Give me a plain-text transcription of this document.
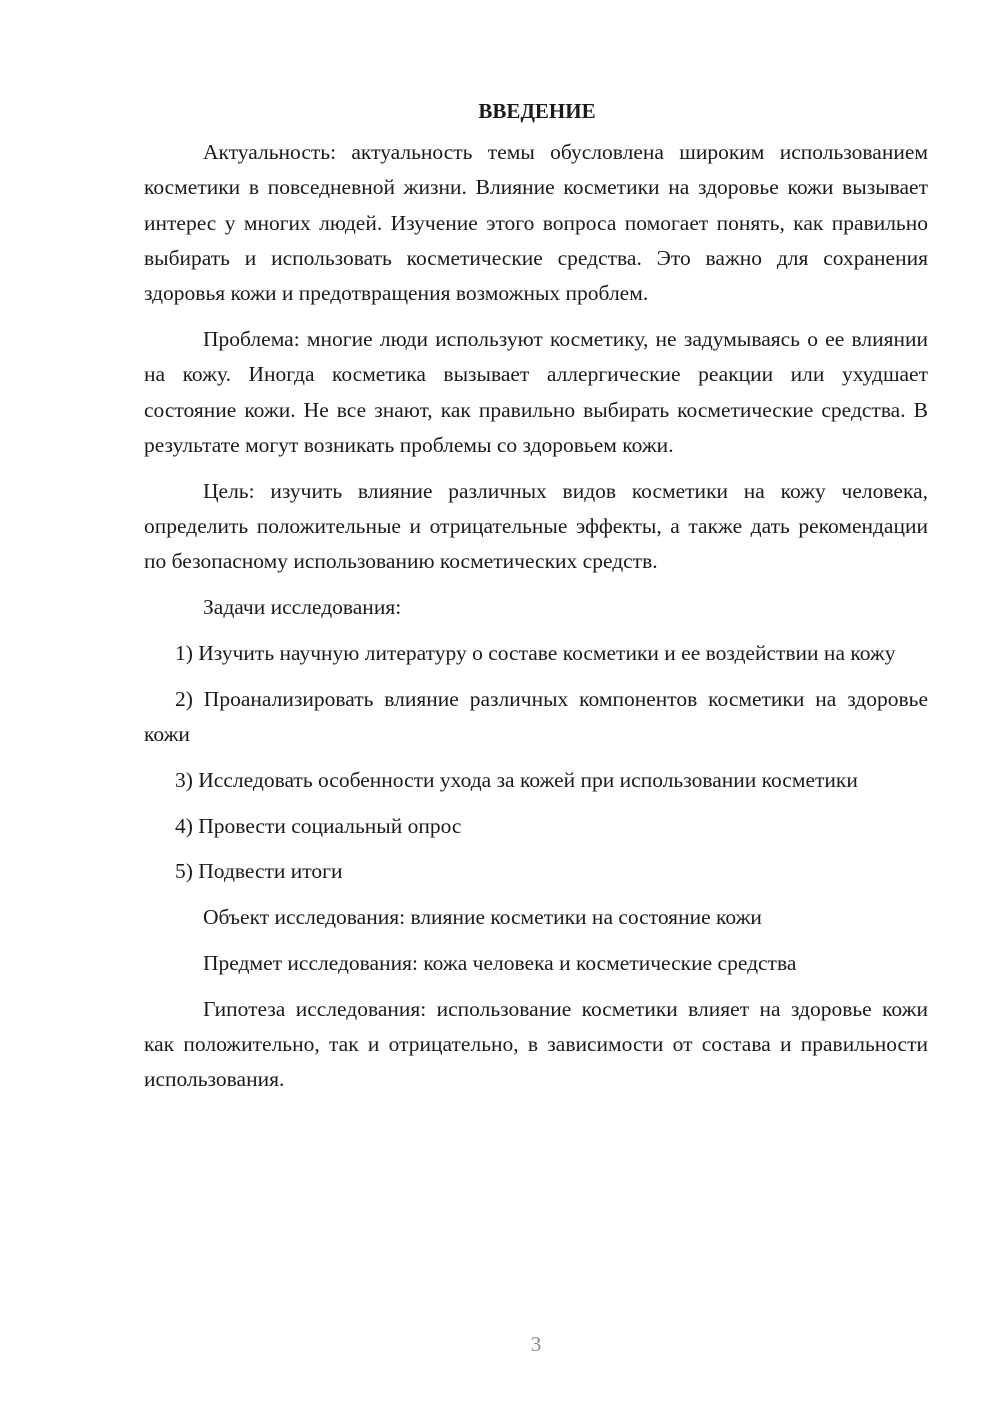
ВВЕДЕНИЕ

Актуальность: актуальность темы обусловлена широким использованием косметики в повседневной жизни. Влияние косметики на здоровье кожи вызывает интерес у многих людей. Изучение этого вопроса помогает понять, как правильно выбирать и использовать косметические средства. Это важно для сохранения здоровья кожи и предотвращения возможных проблем.

Проблема: многие люди используют косметику, не задумываясь о ее влиянии на кожу. Иногда косметика вызывает аллергические реакции или ухудшает состояние кожи. Не все знают, как правильно выбирать косметические средства. В результате могут возникать проблемы со здоровьем кожи.

Цель: изучить влияние различных видов косметики на кожу человека, определить положительные и отрицательные эффекты, а также дать рекомендации по безопасному использованию косметических средств.

Задачи исследования:

1) Изучить научную литературу о составе косметики и ее воздействии на кожу

2) Проанализировать влияние различных компонентов косметики на здоровье кожи

3) Исследовать особенности ухода за кожей при использовании косметики

4) Провести социальный опрос

5) Подвести итоги

Объект исследования: влияние косметики на состояние кожи

Предмет исследования: кожа человека и косметические средства

Гипотеза исследования: использование косметики влияет на здоровье кожи как положительно, так и отрицательно, в зависимости от состава и правильности использования.

3
